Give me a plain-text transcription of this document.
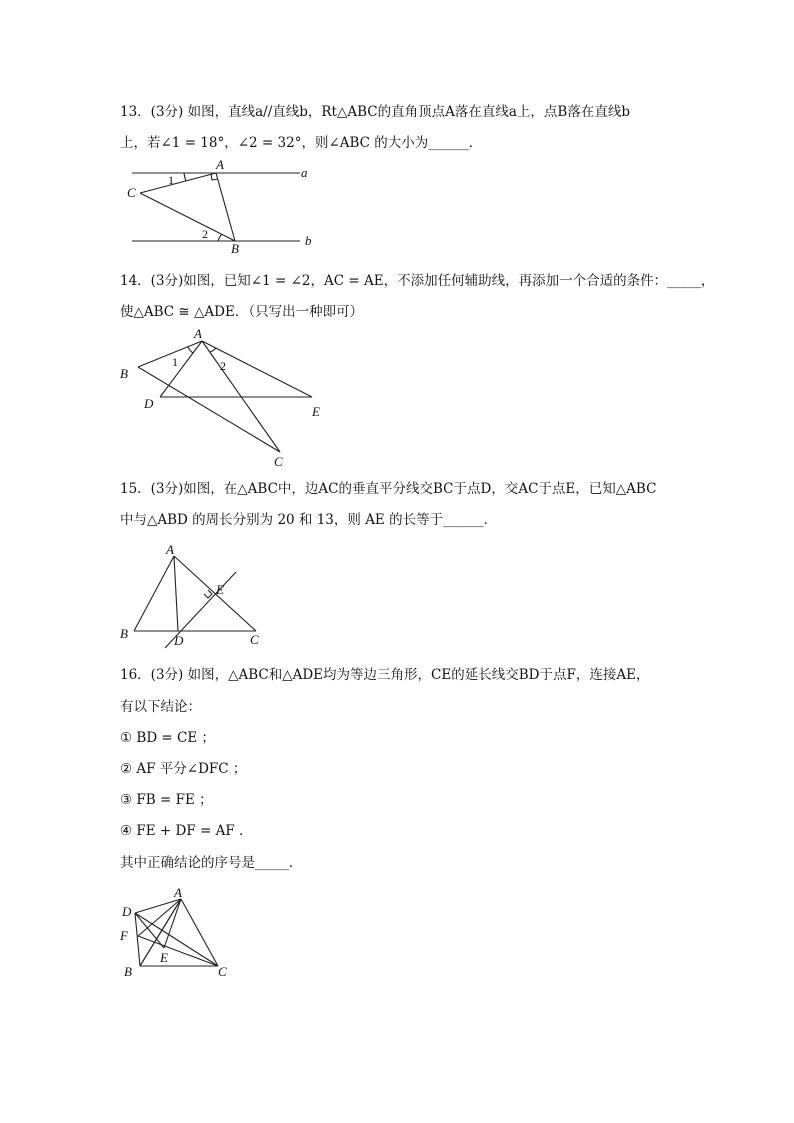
13．(3分) 如图，直线a//直线b，Rt△ABC的直角顶点A落在直线a上，点B落在直线b
上，若∠1 = 18°，∠2 = 32°，则∠ABC 的大小为______．
A
B
C
a
b
1
2
14．(3分)如图，已知∠1 = ∠2，AC = AE，不添加任何辅助线，再添加一个合适的条件：_____，
使△ABC ≅ △ADE．（只写出一种即可）
A
B
C
D
E
1	2
15．(3分)如图，在△ABC中，边AC的垂直平分线交BC于点D，交AC于点E，已知△ABC
中与△ABD 的周长分别为 20 和 13，则 AE 的长等于______．
A
B	C
D
E
16．(3分) 如图，△ABC和△ADE均为等边三角形，CE的延长线交BD于点F，连接AE，
有以下结论：
① BD = CE ；
② AF 平分∠DFC ；
③ FB = FE ；
④ FE + DF = AF ．
其中正确结论的序号是_____．
A
B	C
D
E
F
